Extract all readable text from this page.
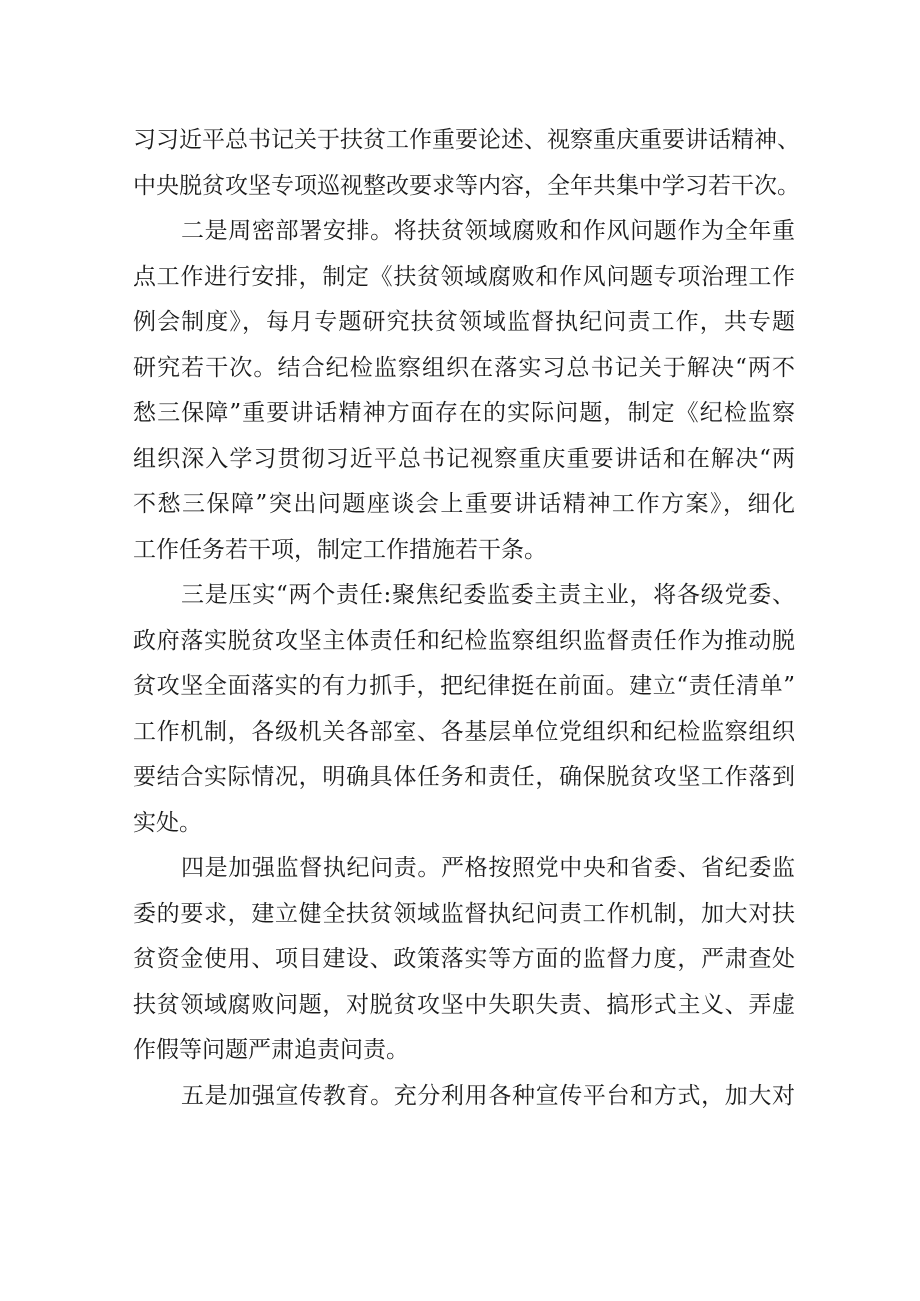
习习近平总书记关于扶贫工作重要论述、视察重庆重要讲话精神、
中央脱贫攻坚专项巡视整改要求等内容，全年共集中学习若干次。
二是周密部署安排。将扶贫领域腐败和作风问题作为全年重
点工作进行安排，制定《扶贫领域腐败和作风问题专项治理工作
例会制度》，每月专题研究扶贫领域监督执纪问责工作，共专题
研究若干次。结合纪检监察组织在落实习总书记关于解决“两不
愁三保障”重要讲话精神方面存在的实际问题，制定《纪检监察
组织深入学习贯彻习近平总书记视察重庆重要讲话和在解决“两
不愁三保障”突出问题座谈会上重要讲话精神工作方案》，细化
工作任务若干项，制定工作措施若干条。
三是压实“两个责任:聚焦纪委监委主责主业，将各级党委、
政府落实脱贫攻坚主体责任和纪检监察组织监督责任作为推动脱
贫攻坚全面落实的有力抓手，把纪律挺在前面。建立“责任清单”
工作机制，各级机关各部室、各基层单位党组织和纪检监察组织
要结合实际情况，明确具体任务和责任，确保脱贫攻坚工作落到
实处。
四是加强监督执纪问责。严格按照党中央和省委、省纪委监
委的要求，建立健全扶贫领域监督执纪问责工作机制，加大对扶
贫资金使用、项目建设、政策落实等方面的监督力度，严肃查处
扶贫领域腐败问题，对脱贫攻坚中失职失责、搞形式主义、弄虚
作假等问题严肃追责问责。
五是加强宣传教育。充分利用各种宣传平台和方式，加大对
